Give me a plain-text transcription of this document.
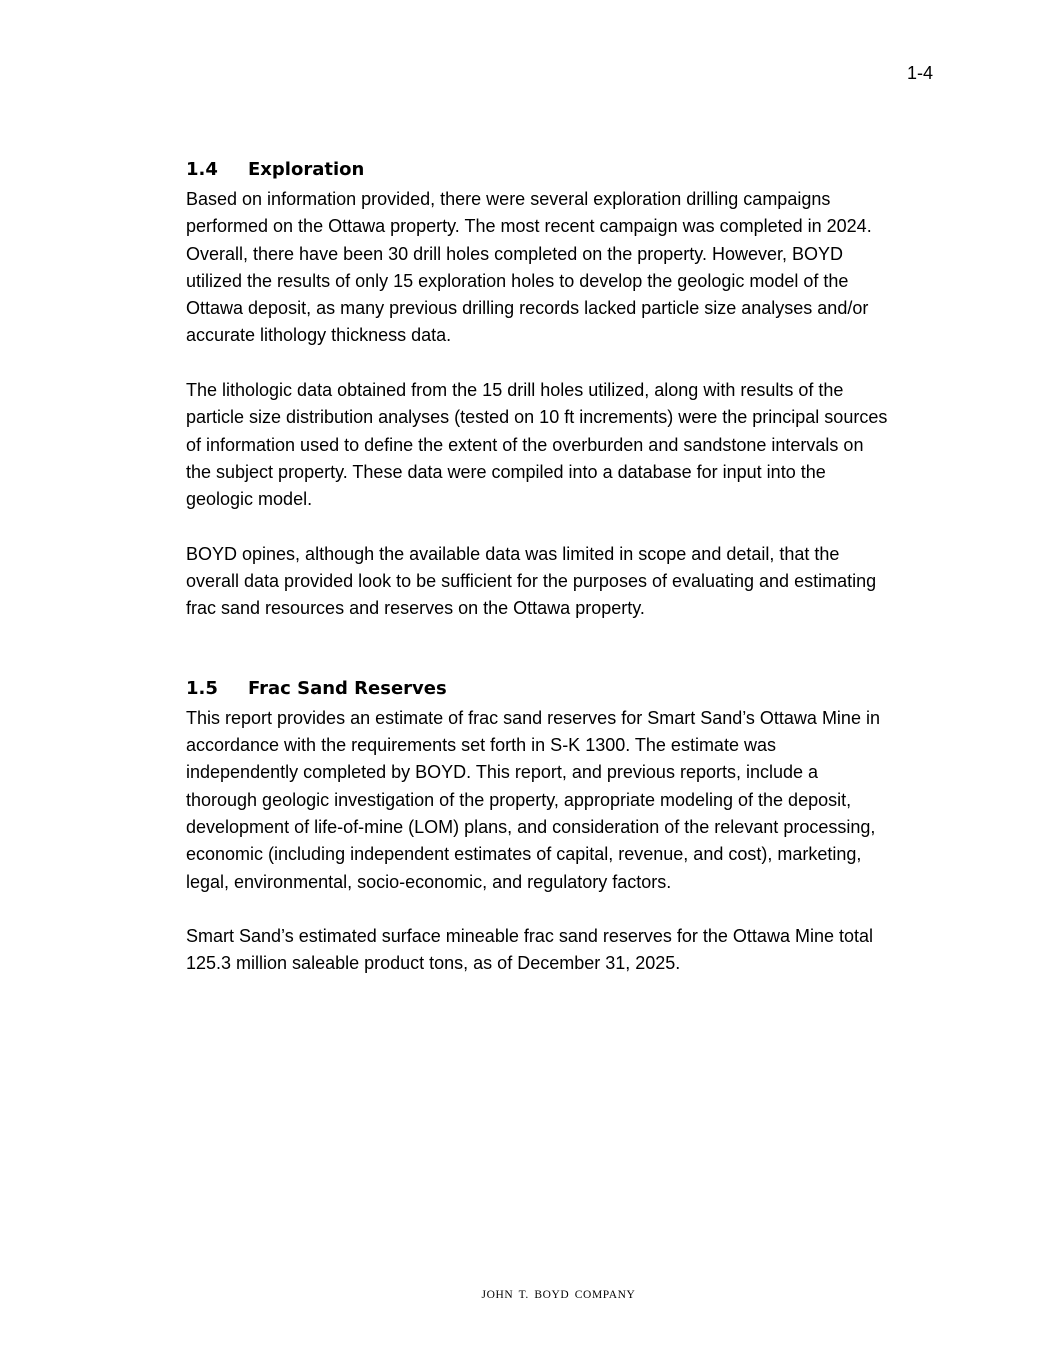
1-4
1.4	Exploration

Based on information provided, there were several exploration drilling campaigns
performed on the Ottawa property. The most recent campaign was completed in 2024.
Overall, there have been 30 drill holes completed on the property. However, BOYD
utilized the results of only 15 exploration holes to develop the geologic model of the
Ottawa deposit, as many previous drilling records lacked particle size analyses and/or
accurate lithology thickness data.

The lithologic data obtained from the 15 drill holes utilized, along with results of the
particle size distribution analyses (tested on 10 ft increments) were the principal sources
of information used to define the extent of the overburden and sandstone intervals on
the subject property. These data were compiled into a database for input into the
geologic model.

BOYD opines, although the available data was limited in scope and detail, that the
overall data provided look to be sufficient for the purposes of evaluating and estimating
frac sand resources and reserves on the Ottawa property.

1.5	Frac Sand Reserves

This report provides an estimate of frac sand reserves for Smart Sand’s Ottawa Mine in
accordance with the requirements set forth in S-K 1300. The estimate was
independently completed by BOYD. This report, and previous reports, include a
thorough geologic investigation of the property, appropriate modeling of the deposit,
development of life-of-mine (LOM) plans, and consideration of the relevant processing,
economic (including independent estimates of capital, revenue, and cost), marketing,
legal, environmental, socio-economic, and regulatory factors.

Smart Sand’s estimated surface mineable frac sand reserves for the Ottawa Mine total
125.3 million saleable product tons, as of December 31, 2025.

JOHN T. BOYD COMPANY
